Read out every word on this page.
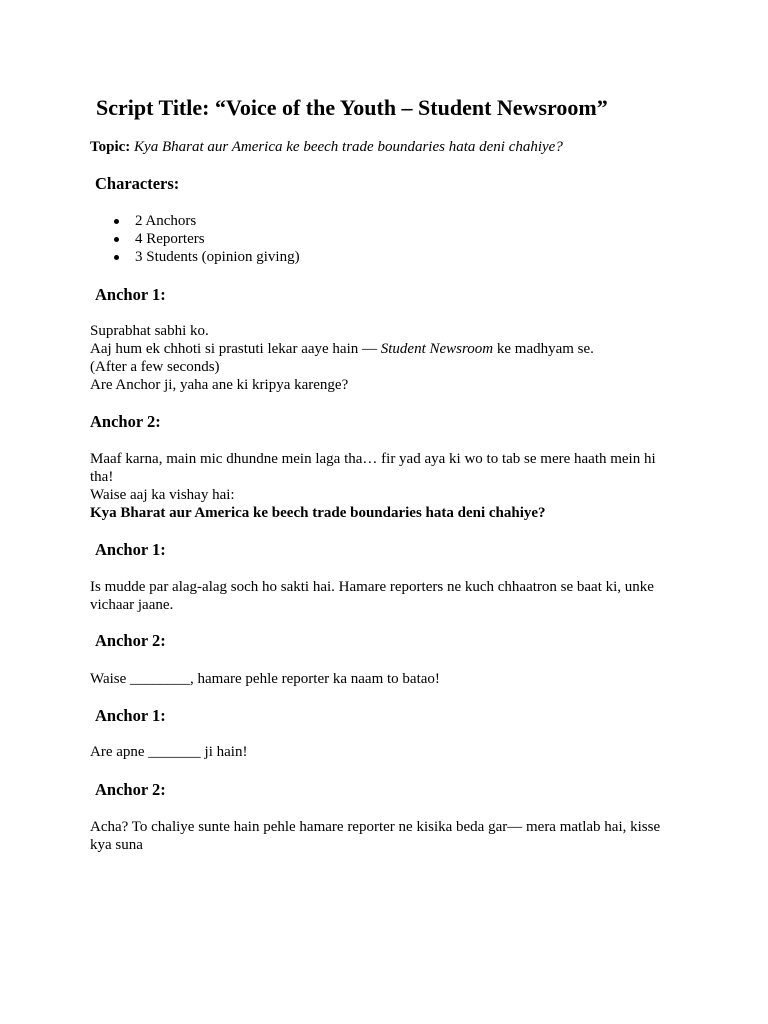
Script Title: “Voice of the Youth – Student Newsroom”

Topic: Kya Bharat aur America ke beech trade boundaries hata deni chahiye?

Characters:
2 Anchors
4 Reporters
3 Students (opinion giving)
Anchor 1:
Suprabhat sabhi ko.
Aaj hum ek chhoti si prastuti lekar aaye hain — Student Newsroom ke madhyam se.
(After a few seconds)
Are Anchor ji, yaha ane ki kripya karenge?
Anchor 2:
Maaf karna, main mic dhundne mein laga tha… fir yad aya ki wo to tab se mere haath mein hi tha!
Waise aaj ka vishay hai:
Kya Bharat aur America ke beech trade boundaries hata deni chahiye?
Anchor 1:
Is mudde par alag-alag soch ho sakti hai. Hamare reporters ne kuch chhaatron se baat ki, unke vichaar jaane.
Anchor 2:
Waise ________, hamare pehle reporter ka naam to batao!
Anchor 1:
Are apne _______ ji hain!
Anchor 2:
Acha? To chaliye sunte hain pehle hamare reporter ne kisika beda gar— mera matlab hai, kisse kya suna
